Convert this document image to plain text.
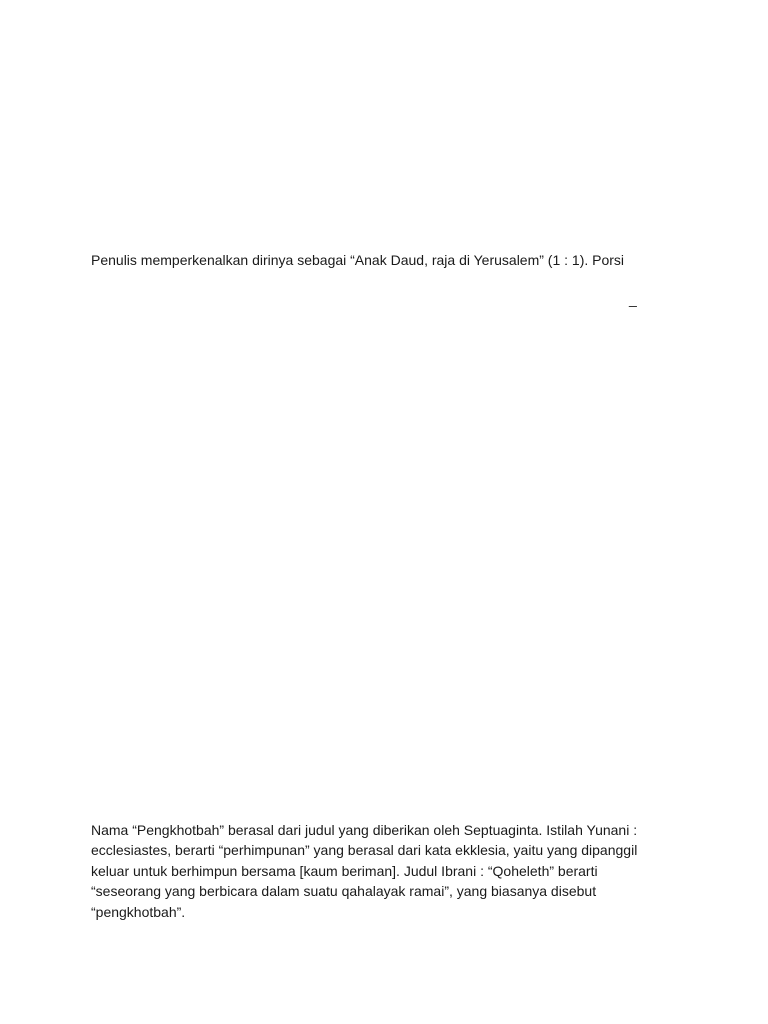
Penulis memperkenalkan dirinya sebagai “Anak Daud, raja di Yerusalem” (1 : 1). Porsi
_
Nama “Pengkhotbah” berasal dari judul yang diberikan oleh Septuaginta. Istilah Yunani :
ecclesiastes, berarti “perhimpunan” yang berasal dari kata ekklesia, yaitu yang dipanggil
keluar untuk berhimpun bersama [kaum beriman]. Judul Ibrani : “Qoheleth” berarti
“seseorang yang berbicara dalam suatu qahalayak ramai”, yang biasanya disebut
“pengkhotbah”.
